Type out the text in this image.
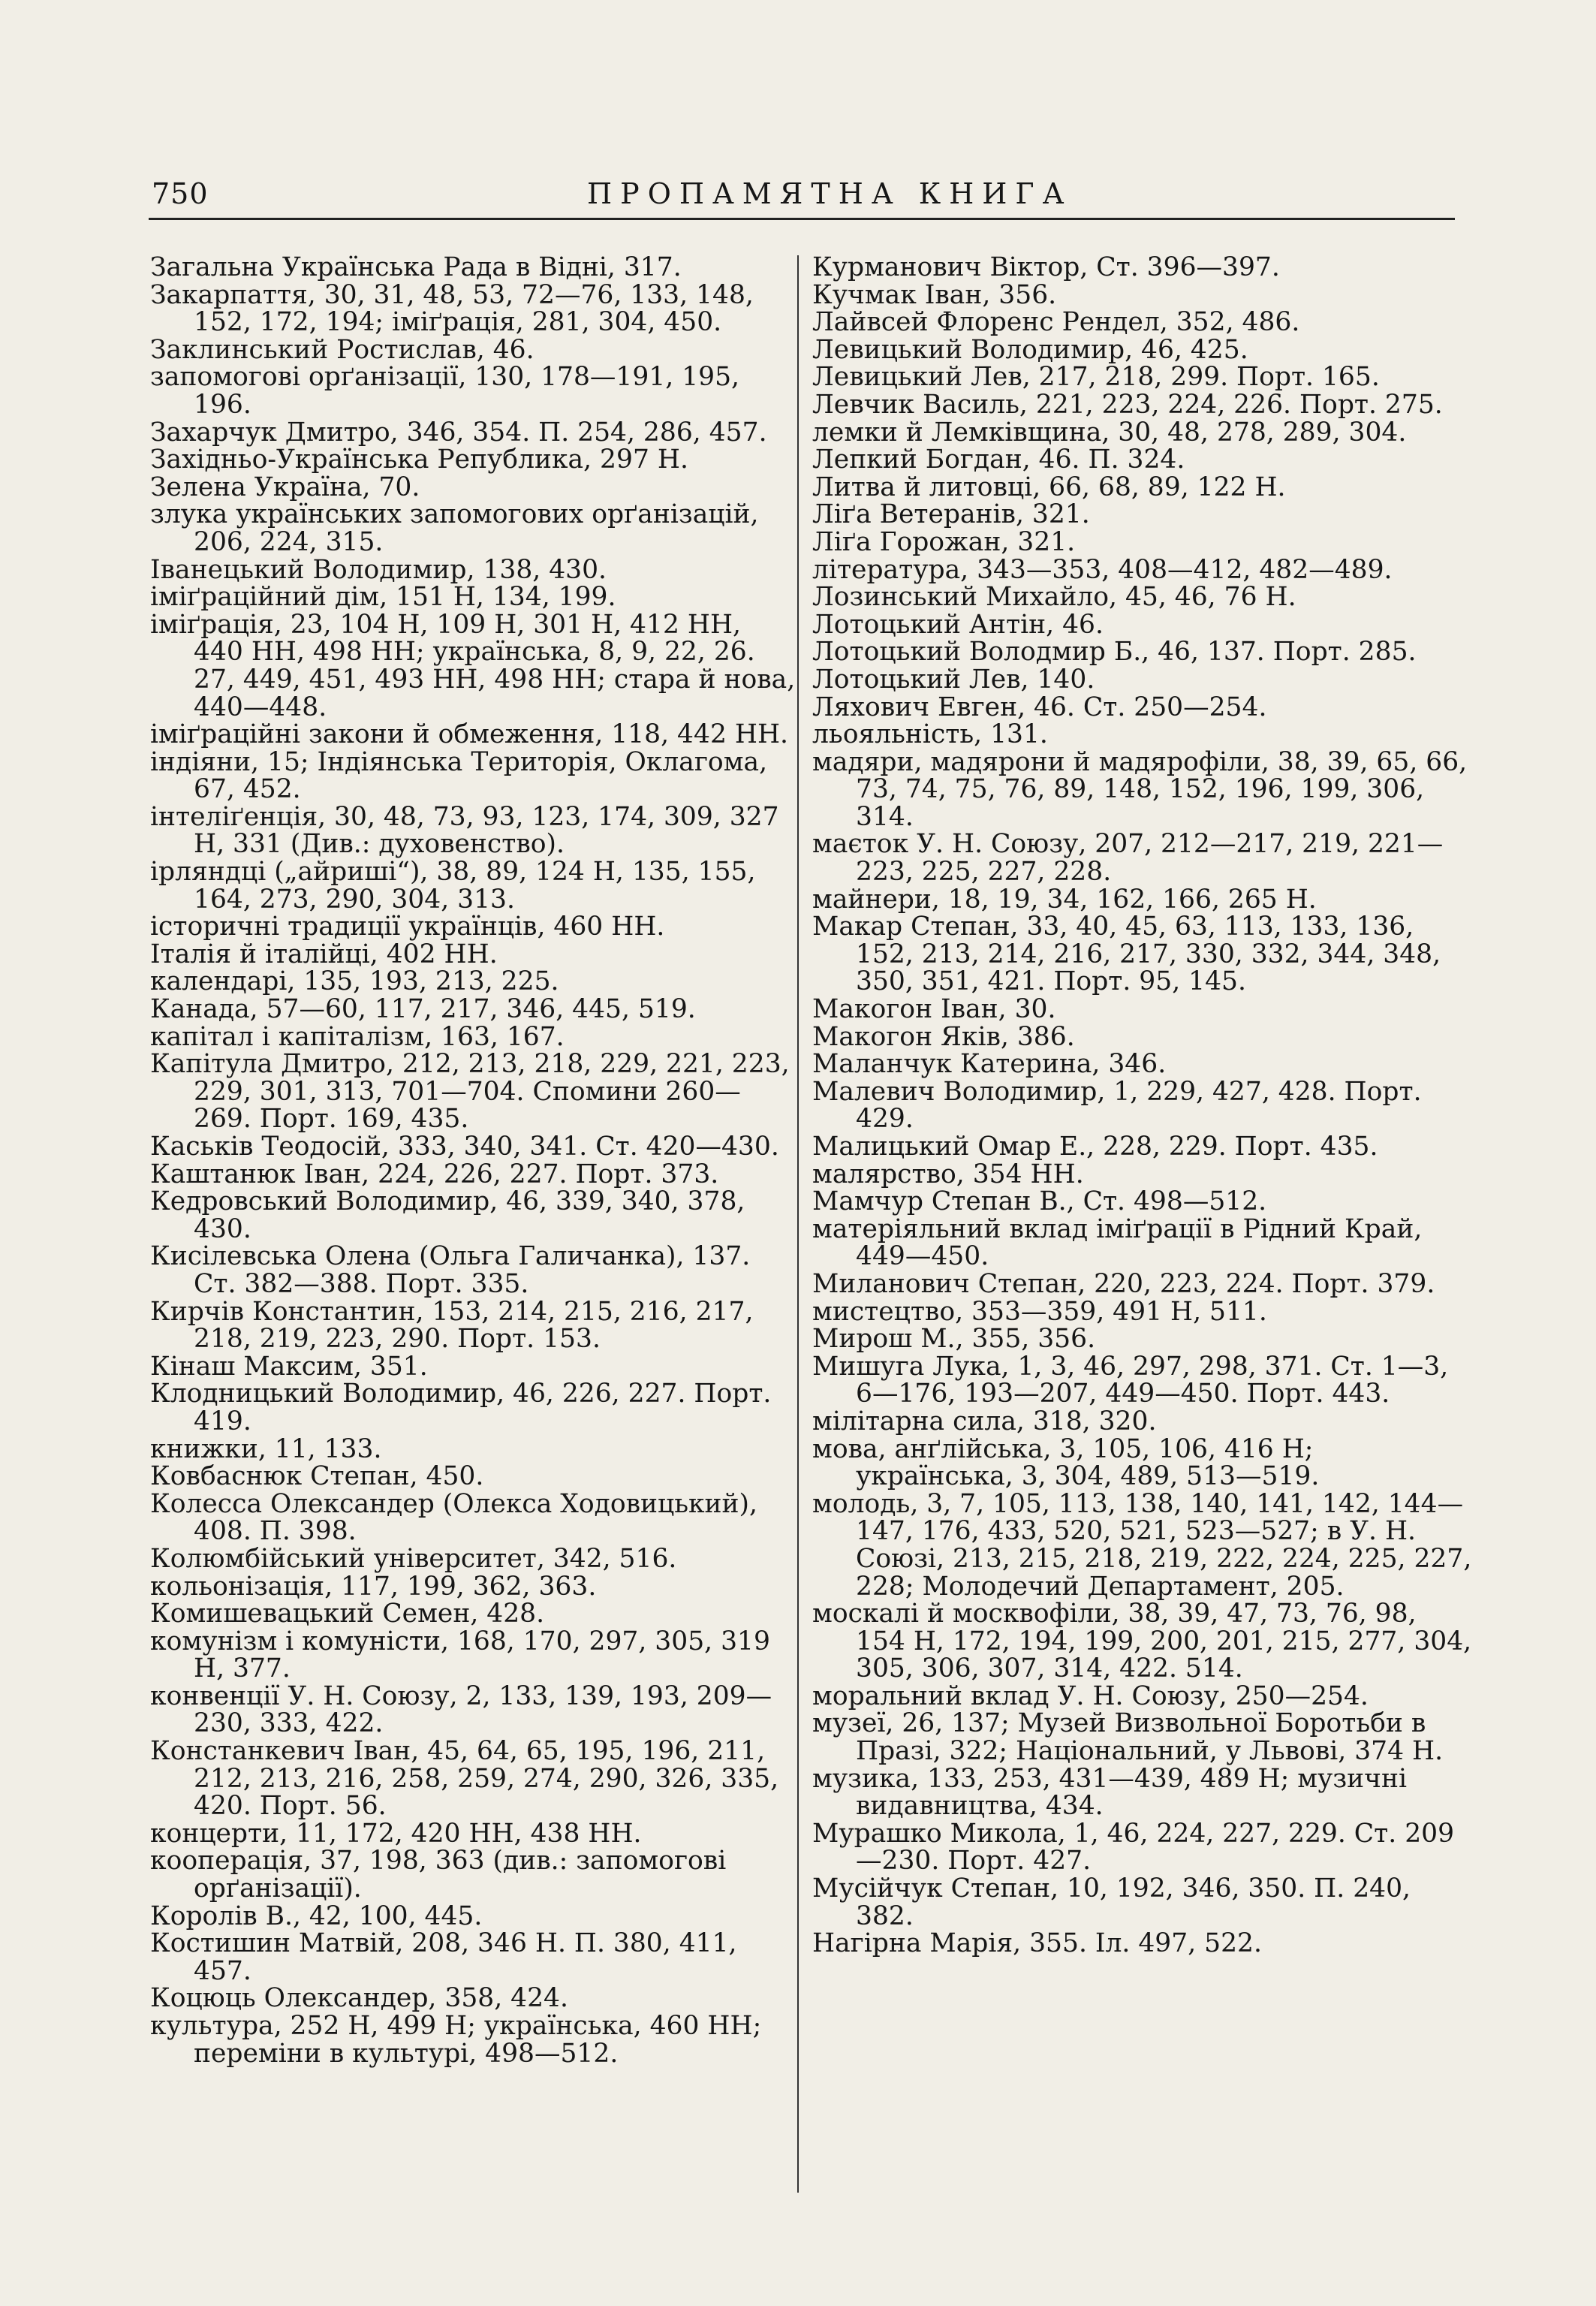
750	ПРОПАМЯТНА КНИГА

Загальна Українська Рада в Відні, 317.

Закарпаття, 30, 31, 48, 53, 72—76, 133, 148, 152, 172, 194; іміґрація, 281, 304, 450.

Заклинський Ростислав, 46.

запомогові орґанізації, 130, 178—191, 195, 196.

Захарчук Дмитро, 346, 354. П. 254, 286, 457.

Західньо-Українська Република, 297 Н.

Зелена Україна, 70.

злука українських запомогових орґанізацій, 206, 224, 315.

Іванецький Володимир, 138, 430.

іміґраційний дім, 151 Н, 134, 199.

іміґрація, 23, 104 Н, 109 Н, 301 Н, 412 НН, 440 НН, 498 НН; українська, 8, 9, 22, 26. 27, 449, 451, 493 НН, 498 НН; стара й нова, 440—448.

іміґраційні закони й обмеження, 118, 442 НН.

індіяни, 15; Індіянська Територія, Оклагома, 67, 452.

інтеліґенція, 30, 48, 73, 93, 123, 174, 309, 327 Н, 331 (Див.: духовенство).

ірляндці („айриші“), 38, 89, 124 Н, 135, 155, 164, 273, 290, 304, 313.

історичні традиції українців, 460 НН.

Італія й італійці, 402 НН.

календарі, 135, 193, 213, 225.

Канада, 57—60, 117, 217, 346, 445, 519.

капітал і капіталізм, 163, 167.

Капітула Дмитро, 212, 213, 218, 229, 221, 223, 229, 301, 313, 701—704. Спомини 260—269. Порт. 169, 435.

Каськів Теодосій, 333, 340, 341. Ст. 420—430.

Каштанюк Іван, 224, 226, 227. Порт. 373.

Кедровський Володимир, 46, 339, 340, 378, 430.

Кисілевська Олена (Ольга Галичанка), 137. Ст. 382—388. Порт. 335.

Кирчів Константин, 153, 214, 215, 216, 217, 218, 219, 223, 290. Порт. 153.

Кінаш Максим, 351.

Клодницький Володимир, 46, 226, 227. Порт. 419.

книжки, 11, 133.

Ковбаснюк Степан, 450.

Колесса Олександер (Олекса Ходовицький), 408. П. 398.

Колюмбійський університет, 342, 516.

кольонізація, 117, 199, 362, 363.

Комишевацький Семен, 428.

комунізм і комуністи, 168, 170, 297, 305, 319 Н, 377.

конвенції У. Н. Союзу, 2, 133, 139, 193, 209—230, 333, 422.

Констанкевич Іван, 45, 64, 65, 195, 196, 211, 212, 213, 216, 258, 259, 274, 290, 326, 335, 420. Порт. 56.

концерти, 11, 172, 420 НН, 438 НН.

кооперація, 37, 198, 363 (див.: запомогові орґанізації).

Королів В., 42, 100, 445.

Костишин Матвій, 208, 346 Н. П. 380, 411, 457.

Коцюць Олександер, 358, 424.

культура, 252 Н, 499 Н; українська, 460 НН; переміни в культурі, 498—512.

Курманович Віктор, Ст. 396—397.

Кучмак Іван, 356.

Лайвсей Флоренс Рендел, 352, 486.

Левицький Володимир, 46, 425.

Левицький Лев, 217, 218, 299. Порт. 165.

Левчик Василь, 221, 223, 224, 226. Порт. 275.

лемки й Лемківщина, 30, 48, 278, 289, 304.

Лепкий Богдан, 46. П. 324.

Литва й литовці, 66, 68, 89, 122 Н.

Ліґа Ветеранів, 321.

Ліґа Горожан, 321.

література, 343—353, 408—412, 482—489.

Лозинський Михайло, 45, 46, 76 Н.

Лотоцький Антін, 46.

Лотоцький Володмир Б., 46, 137. Порт. 285.

Лотоцький Лев, 140.

Ляхович Евген, 46. Ст. 250—254.

льояльність, 131.

мадяри, мадярони й мадярофіли, 38, 39, 65, 66, 73, 74, 75, 76, 89, 148, 152, 196, 199, 306, 314.

маєток У. Н. Союзу, 207, 212—217, 219, 221—223, 225, 227, 228.

майнери, 18, 19, 34, 162, 166, 265 Н.

Макар Степан, 33, 40, 45, 63, 113, 133, 136, 152, 213, 214, 216, 217, 330, 332, 344, 348, 350, 351, 421. Порт. 95, 145.

Макогон Іван, 30.

Макогон Яків, 386.

Маланчук Катерина, 346.

Малевич Володимир, 1, 229, 427, 428. Порт. 429.

Малицький Омар Е., 228, 229. Порт. 435.

малярство, 354 НН.

Мамчур Степан В., Ст. 498—512.

матеріяльний вклад іміґрації в Рідний Край, 449—450.

Миланович Степан, 220, 223, 224. Порт. 379.

мистецтво, 353—359, 491 Н, 511.

Мирош М., 355, 356.

Мишуга Лука, 1, 3, 46, 297, 298, 371. Ст. 1—3, 6—176, 193—207, 449—450. Порт. 443.

мілітарна сила, 318, 320.

мова, анґлійська, 3, 105, 106, 416 Н; українська, 3, 304, 489, 513—519.

молодь, 3, 7, 105, 113, 138, 140, 141, 142, 144—147, 176, 433, 520, 521, 523—527; в У. Н. Союзі, 213, 215, 218, 219, 222, 224, 225, 227, 228; Молодечий Департамент, 205.

москалі й москвофіли, 38, 39, 47, 73, 76, 98, 154 Н, 172, 194, 199, 200, 201, 215, 277, 304, 305, 306, 307, 314, 422. 514.

моральний вклад У. Н. Союзу, 250—254.

музеї, 26, 137; Музей Визвольної Боротьби в Празі, 322; Національний, у Львові, 374 Н.

музика, 133, 253, 431—439, 489 Н; музичні видавництва, 434.

Мурашко Микола, 1, 46, 224, 227, 229. Ст. 209—230. Порт. 427.

Мусійчук Степан, 10, 192, 346, 350. П. 240, 382.

Нагірна Марія, 355. Іл. 497, 522.
